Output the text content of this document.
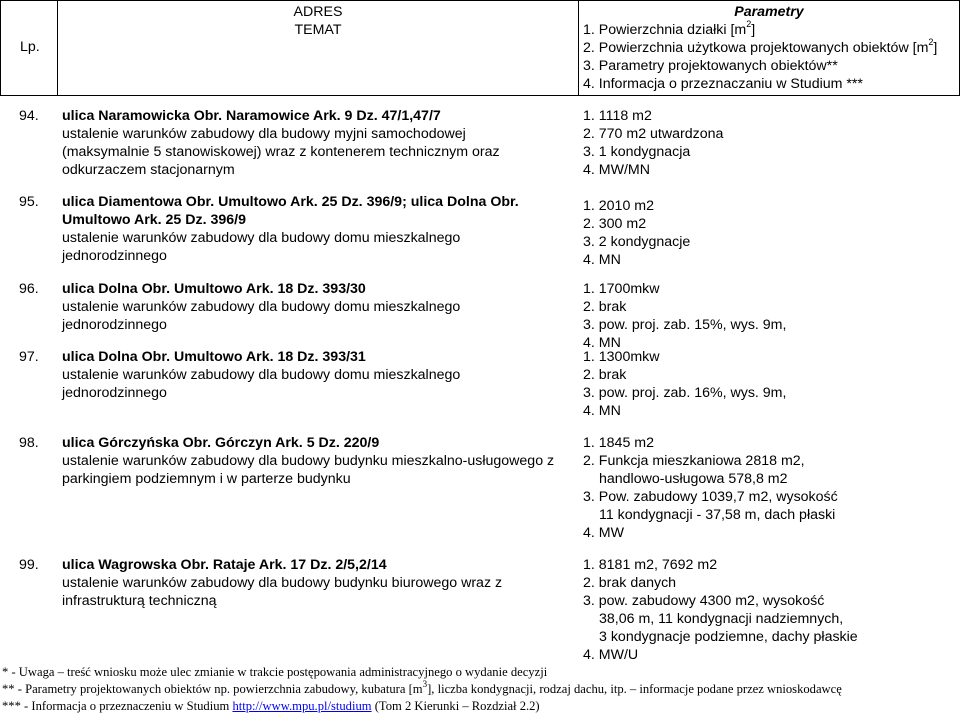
Lp.
ADRES
TEMAT
Parametry
1. Powierzchnia działki $[m^2]$
2. Powierzchnia użytkowa projektowanych obiektów $[m^2]$
3. Parametry projektowanych obiektów**
4. Informacja o przeznaczaniu w Studium ***
94. ulica Naramowicka Obr. Naramowice Ark. 9 Dz. 47/1,47/7
ustalenie warunków zabudowy dla budowy myjni samochodowej
(maksymalnie 5 stanowiskowej) wraz z kontenerem technicznym oraz
odkurzaczem stacjonarnym
1. 1118 m2
2. 770 m2 utwardzona
3. 1 kondygnacja
4. MW/MN
95. ulica Diamentowa Obr. Umultowo Ark. 25 Dz. 396/9; ulica Dolna Obr.
Umultowo Ark. 25 Dz. 396/9
ustalenie warunków zabudowy dla budowy domu mieszkalnego
jednorodzinnego
1. 2010 m2
2. 300 m2
3. 2 kondygnacje
4. MN
96. ulica Dolna Obr. Umultowo Ark. 18 Dz. 393/30
ustalenie warunków zabudowy dla budowy domu mieszkalnego
jednorodzinnego
1. 1700mkw
2. brak
3. pow. proj. zab. 15%, wys. 9m,
4. MN
97. ulica Dolna Obr. Umultowo Ark. 18 Dz. 393/31
ustalenie warunków zabudowy dla budowy domu mieszkalnego
jednorodzinnego
1. 1300mkw
2. brak
3. pow. proj. zab. 16%, wys. 9m,
4. MN
98. ulica Górczyńska Obr. Górczyn Ark. 5 Dz. 220/9
ustalenie warunków zabudowy dla budowy budynku mieszkalno-usługowego z
parkingiem podziemnym i w parterze budynku
1. 1845 m2
2. Funkcja mieszkaniowa 2818 m2,
handlowo-usługowa 578,8 m2
3. Pow. zabudowy 1039,7 m2, wysokość
11 kondygnacji - 37,58 m, dach płaski
4. MW
99. ulica Wagrowska Obr. Rataje Ark. 17 Dz. 2/5,2/14
ustalenie warunków zabudowy dla budowy budynku biurowego wraz z
infrastrukturą techniczną
1. 8181 m2, 7692 m2
2. brak danych
3. pow. zabudowy 4300 m2, wysokość
38,06 m, 11 kondygnacji nadziemnych,
3 kondygnacje podziemne, dachy płaskie
4. MW/U
* - Uwaga – treść wniosku może ulec zmianie w trakcie postępowania administracyjnego o wydanie decyzji
** - Parametry projektowanych obiektów np. powierzchnia zabudowy, kubatura $[m^3]$, liczba kondygnacji, rodzaj dachu, itp. – informacje podane przez wnioskodawcę
*** - Informacja o przeznaczeniu w Studium http://www.mpu.pl/studium (Tom 2 Kierunki – Rozdział 2.2)
